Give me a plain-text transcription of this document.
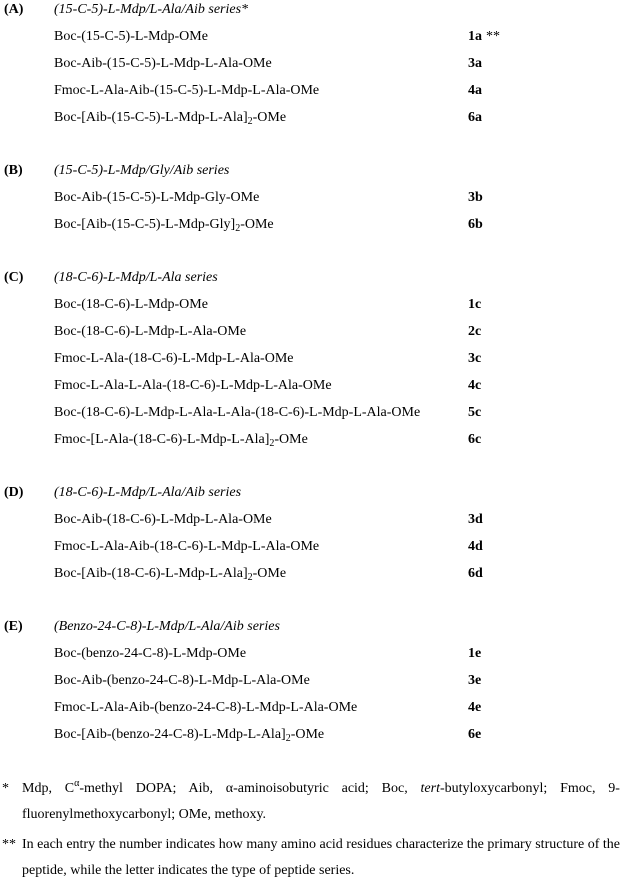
(A) (15-C-5)-L-Mdp/L-Ala/Aib series*
Boc-(15-C-5)-L-Mdp-OMe	1a **
Boc-Aib-(15-C-5)-L-Mdp-L-Ala-OMe	3a
Fmoc-L-Ala-Aib-(15-C-5)-L-Mdp-L-Ala-OMe	4a
Boc-$[Aib-(15-C-5)-L-Mdp-L-Ala]_2$-OMe	6a
(B) (15-C-5)-L-Mdp/Gly/Aib series
Boc-Aib-(15-C-5)-L-Mdp-Gly-OMe	3b
Boc-$[Aib-(15-C-5)-L-Mdp-Gly]_2$-OMe	6b
(C) (18-C-6)-L-Mdp/L-Ala series
Boc-(18-C-6)-L-Mdp-OMe	1c
Boc-(18-C-6)-L-Mdp-L-Ala-OMe	2c
Fmoc-L-Ala-(18-C-6)-L-Mdp-L-Ala-OMe	3c
Fmoc-L-Ala-L-Ala-(18-C-6)-L-Mdp-L-Ala-OMe	4c
Boc-(18-C-6)-L-Mdp-L-Ala-L-Ala-(18-C-6)-L-Mdp-L-Ala-OMe	5c
Fmoc-$[L-Ala-(18-C-6)-L-Mdp-L-Ala]_2$-OMe	6c
(D) (18-C-6)-L-Mdp/L-Ala/Aib series
Boc-Aib-(18-C-6)-L-Mdp-L-Ala-OMe	3d
Fmoc-L-Ala-Aib-(18-C-6)-L-Mdp-L-Ala-OMe	4d
Boc-$[Aib-(18-C-6)-L-Mdp-L-Ala]_2$-OMe	6d
(E) (Benzo-24-C-8)-L-Mdp/L-Ala/Aib series
Boc-(benzo-24-C-8)-L-Mdp-OMe	1e
Boc-Aib-(benzo-24-C-8)-L-Mdp-L-Ala-OMe	3e
Fmoc-L-Ala-Aib-(benzo-24-C-8)-L-Mdp-L-Ala-OMe	4e
Boc-$[Aib-(benzo-24-C-8)-L-Mdp-L-Ala]_2$-OMe	6e
* Mdp, $C^\alpha$-methyl DOPA; Aib, α-aminoisobutyric acid; Boc, tert-butyloxycarbonyl; Fmoc, 9-fluorenylmethoxycarbonyl; OMe, methoxy.
** In each entry the number indicates how many amino acid residues characterize the primary structure of the peptide, while the letter indicates the type of peptide series.
